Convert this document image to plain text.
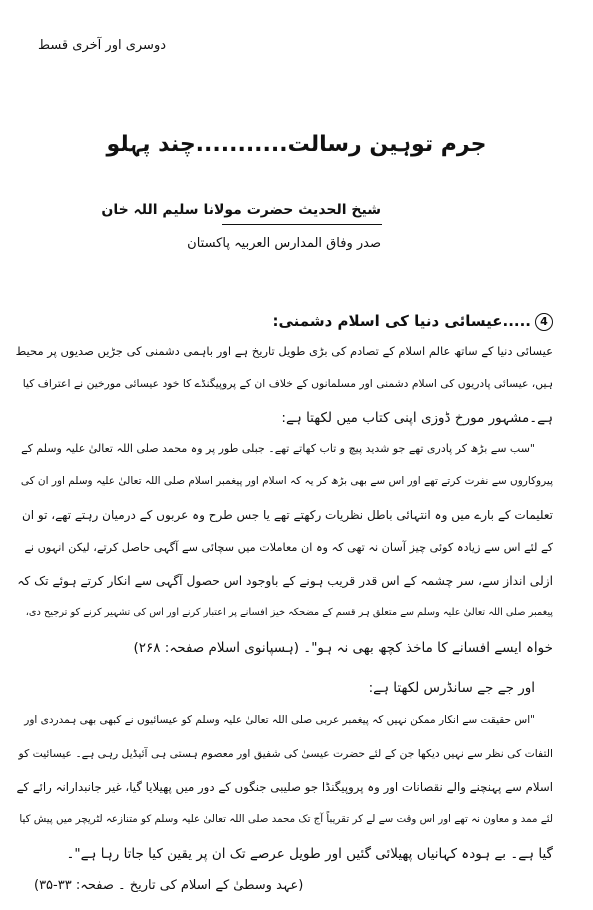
دوسری اور آخری قسط
جرم توہین رسالت...........چند پہلو
شیخ الحدیث حضرت مولانا سلیم اللہ خان
صدر وفاق المدارس العربیہ پاکستان
4.....عیسائی دنیا کی اسلام دشمنی:
عیسائی دنیا کے ساتھ عالم اسلام کے تصادم کی بڑی طویل تاریخ ہے اور باہمی دشمنی کی جڑیں صدیوں پر محیط
ہیں، عیسائی پادریوں کی اسلام دشمنی اور مسلمانوں کے خلاف ان کے پروپیگنڈے کا خود عیسائی مورخین نے اعتراف کیا
ہے۔مشہور مورخ ڈوزی اپنی کتاب میں لکھتا ہے:
"سب سے بڑھ کر پادری تھے جو شدید پیچ و تاب کھاتے تھے۔ جبلی طور پر وہ محمد صلی اللہ تعالیٰ علیہ وسلم کے
پیروکاروں سے نفرت کرتے تھے اور اس سے بھی بڑھ کر یہ کہ اسلام اور پیغمبر اسلام صلی اللہ تعالیٰ علیہ وسلم اور ان کی
تعلیمات کے بارے میں وہ انتہائی باطل نظریات رکھتے تھے یا جس طرح وہ عربوں کے درمیان رہتے تھے، تو ان
کے لئے اس سے زیادہ کوئی چیز آسان نہ تھی کہ وہ ان معاملات میں سچائی سے آگہی حاصل کرتے، لیکن انہوں نے
ازلی انداز سے، سر چشمہ کے اس قدر قریب ہونے کے باوجود اس حصول آگہی سے انکار کرتے ہوئے تک کہ
پیغمبر صلی اللہ تعالیٰ علیہ وسلم سے متعلق ہر قسم کے مضحکہ خیز افسانے پر اعتبار کرنے اور اس کی تشہیر کرنے کو ترجیح دی،
خواہ ایسے افسانے کا ماخذ کچھ بھی نہ ہو"۔ (ہسپانوی اسلام صفحہ: ۲۶۸)
اور جے جے سانڈرس لکھتا ہے:
"اس حقیقت سے انکار ممکن نہیں کہ پیغمبر عربی صلی اللہ تعالیٰ علیہ وسلم کو عیسائیوں نے کبھی بھی ہمدردی اور
التفات کی نظر سے نہیں دیکھا جن کے لئے حضرت عیسیٰ کی شفیق اور معصوم ہستی ہی آئیڈیل رہی ہے۔ عیسائیت کو
اسلام سے پہنچنے والے نقصانات اور وہ پروپیگنڈا جو صلیبی جنگوں کے دور میں پھیلایا گیا، غیر جانبدارانہ رائے کے
لئے ممد و معاون نہ تھے اور اس وقت سے لے کر تقریباً آج تک محمد صلی اللہ تعالیٰ علیہ وسلم کو متنازعہ لٹریچر میں پیش کیا
گیا ہے۔ بے ہودہ کہانیاں پھیلائی گئیں اور طویل عرصے تک ان پر یقین کیا جاتا رہا ہے"۔
(عہد وسطیٰ کے اسلام کی تاریخ ۔ صفحہ: ۳۳-۳۵)
